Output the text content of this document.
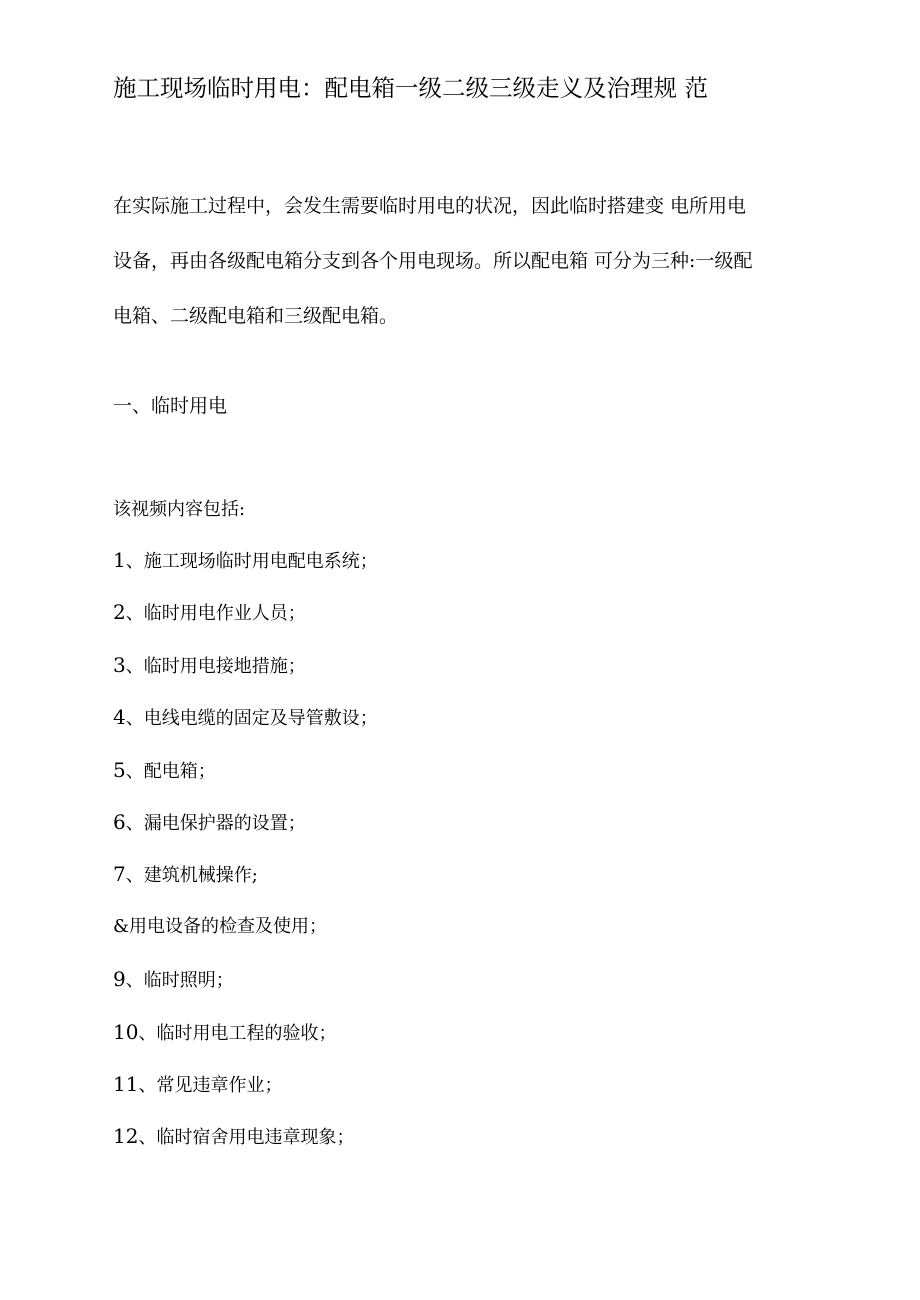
施工现场临时用电：配电箱一级二级三级走义及治理规 范

在实际施工过程中，会发生需要临时用电的状况，因此临时搭建变 电所用电

设备，再由各级配电箱分支到各个用电现场。所以配电箱 可分为三种:一级配

电箱、二级配电箱和三级配电箱。

一、临时用电
该视频内容包括:
1、施工现场临时用电配电系统；
2、临时用电作业人员；
3、临时用电接地措施；
4、电线电缆的固定及导管敷设；
5、配电箱；
6、漏电保护器的设置；
7、建筑机械操作;
&用电设备的检查及使用；
9、临时照明；
10、临时用电工程的验收；
11、常见违章作业；
12、临时宿舍用电违章现象；
